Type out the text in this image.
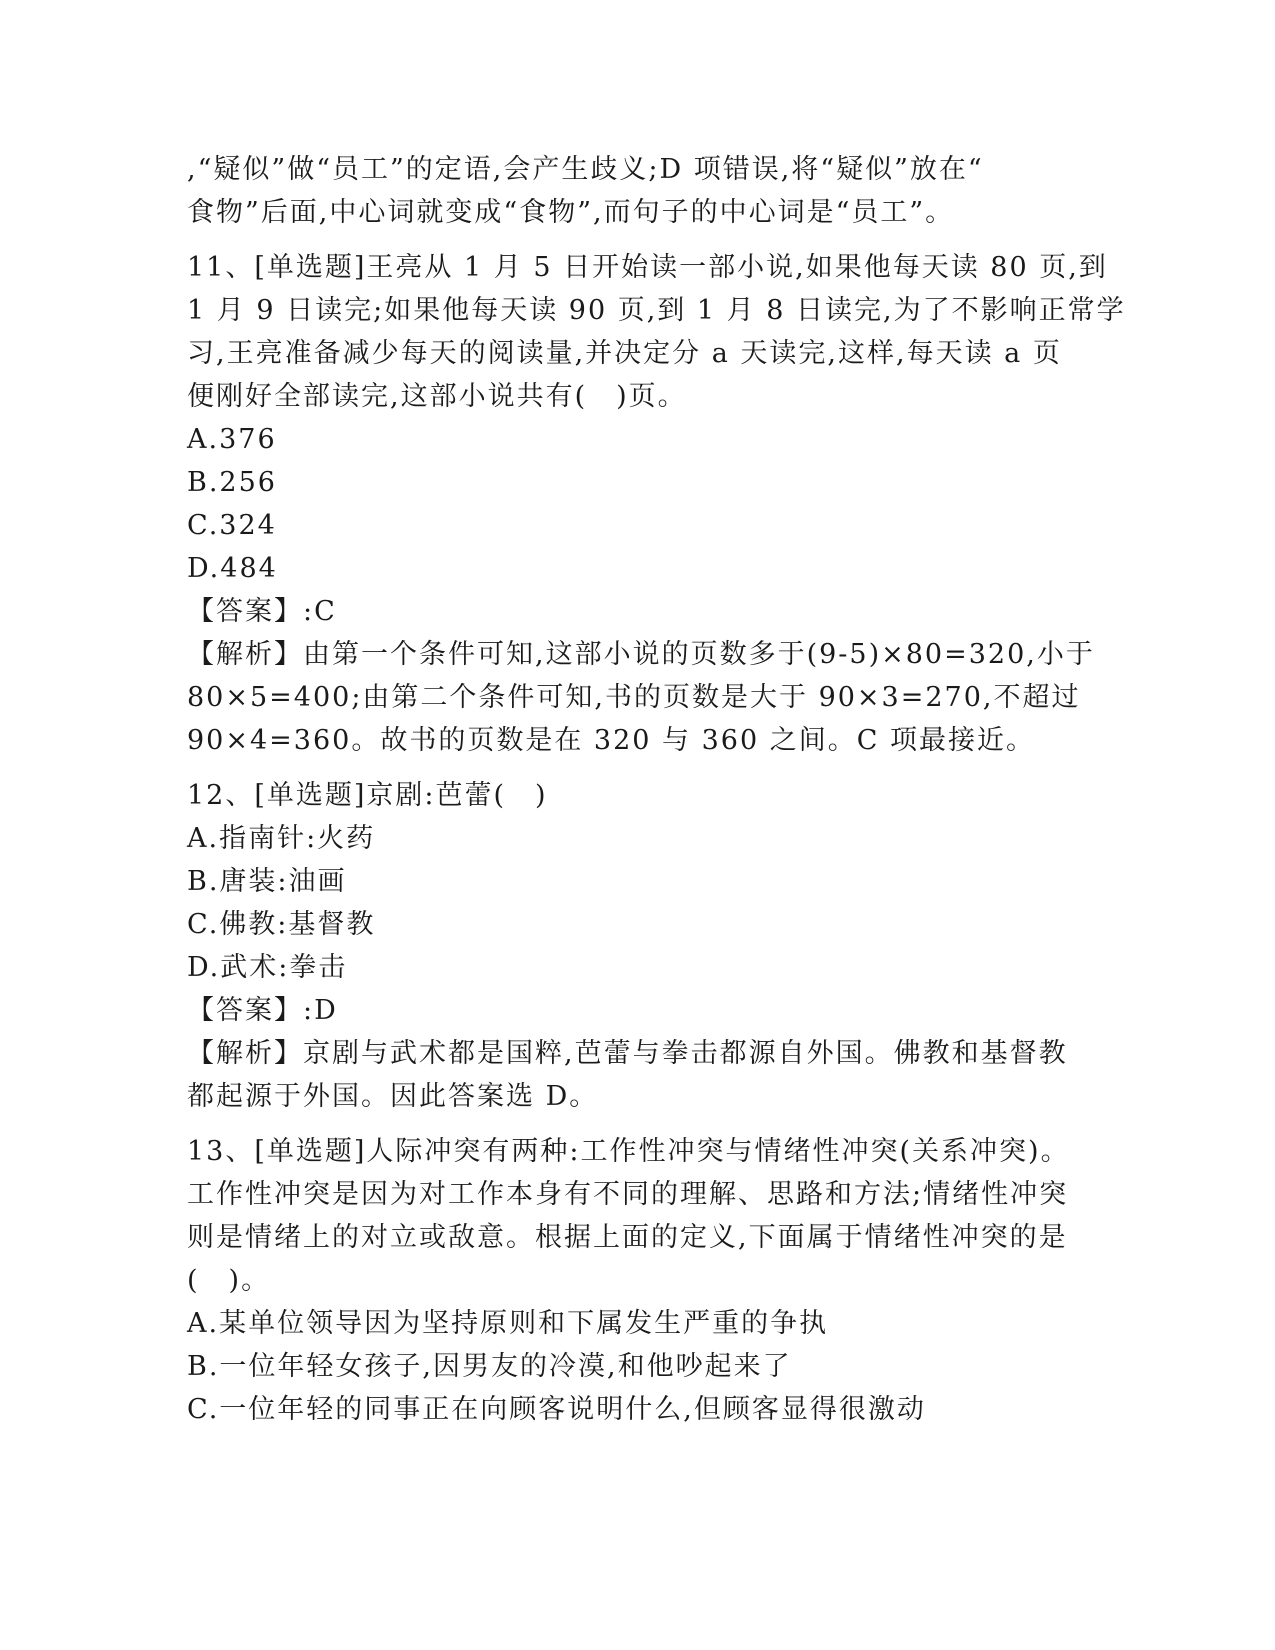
,“疑似”做“员工”的定语,会产生歧义;D 项错误,将“疑似”放在“
食物”后面,中心词就变成“食物”,而句子的中心词是“员工”。
11、[单选题]王亮从 1 月 5 日开始读一部小说,如果他每天读 80 页,到
1 月 9 日读完;如果他每天读 90 页,到 1 月 8 日读完,为了不影响正常学
习,王亮准备减少每天的阅读量,并决定分 a 天读完,这样,每天读 a 页
便刚好全部读完,这部小说共有(　)页。
A.376
B.256
C.324
D.484
【答案】:C
【解析】由第一个条件可知,这部小说的页数多于(9-5)×80=320,小于
80×5=400;由第二个条件可知,书的页数是大于 90×3=270,不超过
90×4=360。故书的页数是在 320 与 360 之间。C 项最接近。
12、[单选题]京剧:芭蕾(　)
A.指南针:火药
B.唐装:油画
C.佛教:基督教
D.武术:拳击
【答案】:D
【解析】京剧与武术都是国粹,芭蕾与拳击都源自外国。佛教和基督教
都起源于外国。因此答案选 D。
13、[单选题]人际冲突有两种:工作性冲突与情绪性冲突(关系冲突)。
工作性冲突是因为对工作本身有不同的理解、思路和方法;情绪性冲突
则是情绪上的对立或敌意。根据上面的定义,下面属于情绪性冲突的是
(　)。
A.某单位领导因为坚持原则和下属发生严重的争执
B.一位年轻女孩子,因男友的冷漠,和他吵起来了
C.一位年轻的同事正在向顾客说明什么,但顾客显得很激动
